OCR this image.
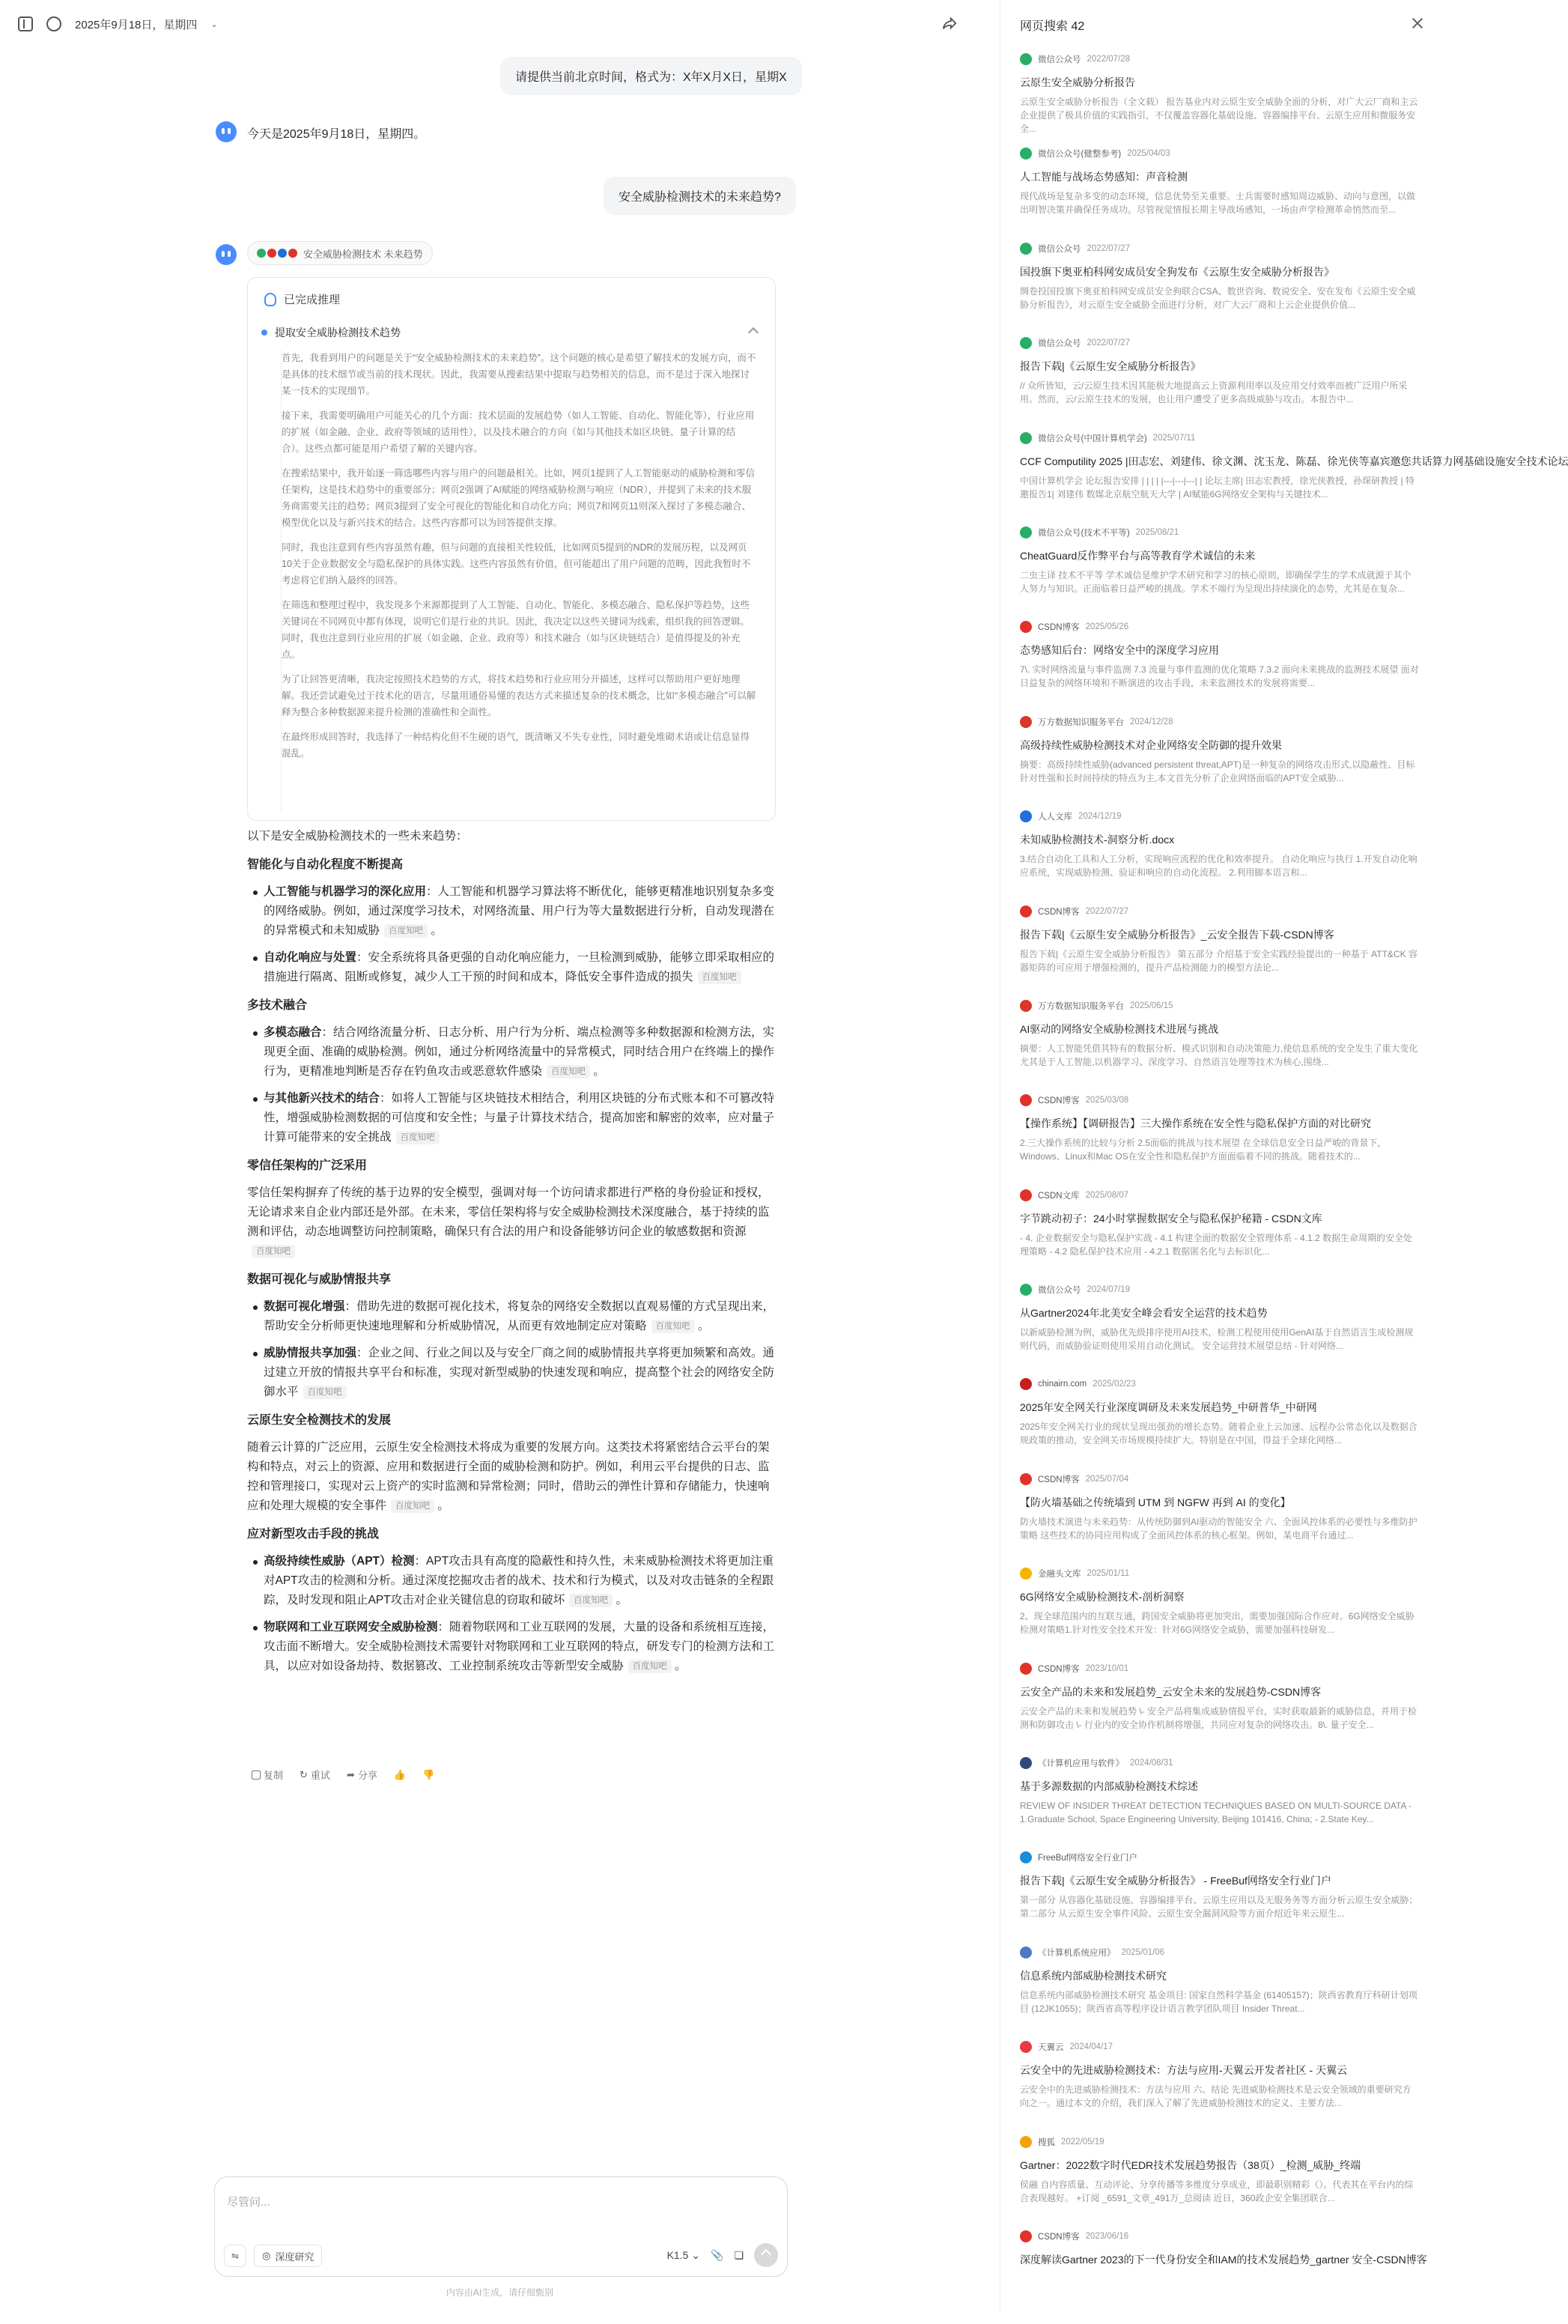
2025年9月18日，星期四 ⌄
请提供当前北京时间，格式为：X年X月X日，星期X
今天是2025年9月18日，星期四。
安全威胁检测技术的未来趋势?
安全威胁检测技术 未来趋势
已完成推理
提取安全威胁检测技术趋势

首先，我看到用户的问题是关于“安全威胁检测技术的未来趋势”。这个问题的核心是希望了解技术的发展方向，而不是具体的技术细节或当前的技术现状。因此，我需要从搜索结果中提取与趋势相关的信息，而不是过于深入地探讨某一技术的实现细节。

接下来，我需要明确用户可能关心的几个方面：技术层面的发展趋势（如人工智能、自动化、智能化等），行业应用的扩展（如金融、企业、政府等领域的适用性），以及技术融合的方向（如与其他技术如区块链、量子计算的结合）。这些点都可能是用户希望了解的关键内容。

在搜索结果中，我开始逐一筛选哪些内容与用户的问题最相关。比如，网页1提到了人工智能驱动的威胁检测和零信任架构，这是技术趋势中的重要部分；网页2强调了AI赋能的网络威胁检测与响应（NDR），并提到了未来的技术服务商需要关注的趋势；网页3提到了安全可视化的智能化和自动化方向；网页7和网页11则深入探讨了多模态融合、模型优化以及与新兴技术的结合。这些内容都可以为回答提供支撑。

同时，我也注意到有些内容虽然有趣，但与问题的直接相关性较低，比如网页5提到的NDR的发展历程，以及网页10关于企业数据安全与隐私保护的具体实践。这些内容虽然有价值，但可能超出了用户问题的范畴，因此我暂时不考虑将它们纳入最终的回答。

在筛选和整理过程中，我发现多个来源都提到了人工智能、自动化、智能化、多模态融合、隐私保护等趋势，这些关键词在不同网页中都有体现，说明它们是行业的共识。因此，我决定以这些关键词为线索，组织我的回答逻辑。同时，我也注意到行业应用的扩展（如金融、企业、政府等）和技术融合（如与区块链结合）是值得提及的补充点。

为了让回答更清晰，我决定按照技术趋势的方式，将技术趋势和行业应用分开描述，这样可以帮助用户更好地理解。我还尝试避免过于技术化的语言，尽量用通俗易懂的表达方式来描述复杂的技术概念，比如“多模态融合”可以解释为整合多种数据源来提升检测的准确性和全面性。

在最终形成回答时，我选择了一种结构化但不生硬的语气，既清晰又不失专业性，同时避免堆砌术语或让信息显得混乱。

以下是安全威胁检测技术的一些未来趋势：

智能化与自动化程度不断提高
人工智能与机器学习的深化应用：人工智能和机器学习算法将不断优化，能够更精准地识别复杂多变的网络威胁。例如，通过深度学习技术，对网络流量、用户行为等大量数据进行分析，自动发现潜在的异常模式和未知威胁 百度知吧 。
自动化响应与处置：安全系统将具备更强的自动化响应能力，一旦检测到威胁，能够立即采取相应的措施进行隔离、阻断或修复，减少人工干预的时间和成本，降低安全事件造成的损失 百度知吧
多技术融合
多模态融合：结合网络流量分析、日志分析、用户行为分析、端点检测等多种数据源和检测方法，实现更全面、准确的威胁检测。例如，通过分析网络流量中的异常模式，同时结合用户在终端上的操作行为，更精准地判断是否存在钓鱼攻击或恶意软件感染 百度知吧 。
与其他新兴技术的结合：如将人工智能与区块链技术相结合，利用区块链的分布式账本和不可篡改特性，增强威胁检测数据的可信度和安全性；与量子计算技术结合，提高加密和解密的效率，应对量子计算可能带来的安全挑战 百度知吧
零信任架构的广泛采用

零信任架构摒弃了传统的基于边界的安全模型，强调对每一个访问请求都进行严格的身份验证和授权，无论请求来自企业内部还是外部。在未来，零信任架构将与安全威胁检测技术深度融合，基于持续的监测和评估，动态地调整访问控制策略，确保只有合法的用户和设备能够访问企业的敏感数据和资源百度知吧

数据可视化与威胁情报共享
数据可视化增强：借助先进的数据可视化技术，将复杂的网络安全数据以直观易懂的方式呈现出来，帮助安全分析师更快速地理解和分析威胁情况，从而更有效地制定应对策略 百度知吧 。
威胁情报共享加强：企业之间、行业之间以及与安全厂商之间的威胁情报共享将更加频繁和高效。通过建立开放的情报共享平台和标准，实现对新型威胁的快速发现和响应，提高整个社会的网络安全防御水平 百度知吧
云原生安全检测技术的发展

随着云计算的广泛应用，云原生安全检测技术将成为重要的发展方向。这类技术将紧密结合云平台的架构和特点，对云上的资源、应用和数据进行全面的威胁检测和防护。例如，利用云平台提供的日志、监控和管理接口，实现对云上资产的实时监测和异常检测；同时，借助云的弹性计算和存储能力，快速响应和处理大规模的安全事件 百度知吧 。

应对新型攻击手段的挑战
高级持续性威胁（APT）检测：APT攻击具有高度的隐蔽性和持久性，未来威胁检测技术将更加注重对APT攻击的检测和分析。通过深度挖掘攻击者的战术、技术和行为模式，以及对攻击链条的全程跟踪，及时发现和阻止APT攻击对企业关键信息的窃取和破坏 百度知吧 。
物联网和工业互联网安全威胁检测：随着物联网和工业互联网的发展，大量的设备和系统相互连接，攻击面不断增大。安全威胁检测技术需要针对物联网和工业互联网的特点，研发专门的检测方法和工具，以应对如设备劫持、数据篡改、工业控制系统攻击等新型安全威胁 百度知吧 。
复制 ↻ 重试 ➦ 分享 👍 👎
尽管问...
⇋	◎ 深度研究	K1.5 ⌄ 📎 ❏
内容由AI生成，请仔细甄别
网页搜索 42
微信公众号 2022/07/28
云原生安全威胁分析报告
云原生安全威胁分析报告（全文载） 报告基业内对云原生安全威胁全面的分析，对广大云厂商和主云企业提供了极具价值的实践指引，不仅覆盖容器化基础设施、容器编排平台、云原生应用和微服务安全...
微信公众号(健整参考) 2025/04/03
人工智能与战场态势感知：声音检测
现代战场是复杂多变的动态环境，信息优势至关重要。士兵需要时感知周边威胁、动向与意图，以做出明智决策并确保任务成功。尽管视觉情报长期主导战场感知，一场由声学检测革命悄然而至...
微信公众号 2022/07/27
国投旗下奥亚柏科网安成员安全狗发布《云原生安全威胁分析报告》
绸卷投国投旗下奥亚柏科网安成员安全狗联合CSA、数世咨询、数说安全、安在发布《云原生安全威胁分析报告》，对云原生安全威胁全面进行分析，对广大云厂商和上云企业提供价值...
微信公众号 2022/07/27
报告下载|《云原生安全威胁分析报告》
// 众所皆知，云/云原生技术因其能极大地提高云上资源利用率以及应用交付效率而被广泛用户所采用。然而，云/云原生技术的发展，也让用户遭受了更多高级威胁与攻击。本报告中...
微信公众号(中国计算机学会) 2025/07/11
CCF Computility 2025 |田志宏、刘建伟、徐文渊、沈玉龙、陈磊、徐光侠等嘉宾邀您共话算力网基础设施安全技术论坛
中国计算机学会 论坛报告安排 | | | | |---|---|---| | 论坛主席| 田志宏教授，徐光侠教授，孙琛研教授 | 特邀报告1| 刘建伟 数媒北京航空航天大学 | AI赋能6G网络安全架构与关键技术...
微信公众号(技术不平等) 2025/08/21
CheatGuard反作弊平台与高等教育学术诚信的未来
二虫主译 技术不平等 学术诚信是维护学术研究和学习的核心原则，即确保学生的学术成就源于其个人努力与知识。正面临着日益严峻的挑战。学术不端行为呈现出持续演化的态势，尤其是在复杂...
CSDN博客 2025/05/26
态势感知后台：网络安全中的深度学习应用
7\. 实时网络流量与事件监测 7.3 流量与事件监测的优化策略 7.3.2 面向未来挑战的监测技术展望 面对日益复杂的网络环境和不断演进的攻击手段，未来监测技术的发展将需要...
万方数据知识服务平台 2024/12/28
高级持续性威胁检测技术对企业网络安全防御的提升效果
摘要：高级持续性威胁(advanced persistent threat,APT)是一种复杂的网络攻击形式,以隐蔽性、目标针对性强和长时间持续的特点为主,本文首先分析了企业网络面临的APT安全威胁...
人人文库 2024/12/19
未知威胁检测技术-洞察分析.docx
3.结合自动化工具和人工分析，实现响应流程的优化和效率提升。 自动化响应与执行 1.开发自动化响应系统，实现威胁检测、验证和响应的自动化流程。 2.利用脚本语言和...
CSDN博客 2022/07/27
报告下载|《云原生安全威胁分析报告》_云安全报告下载-CSDN博客
报告下载|《云原生安全威胁分析报告》 第五部分 介绍基于安全实践经验提出的一种基于 ATT&CK 容器矩阵的可应用于增强检测的，提升产品检测能力的模型方法论...
万方数据知识服务平台 2025/06/15
AI驱动的网络安全威胁检测技术进展与挑战
摘要：人工智能凭借其特有的数据分析、模式识别和自动决策能力,使信息系统的安全发生了重大变化尤其是于人工智能,以机器学习、深度学习、自然语言处理等技术为核心,围绕...
CSDN博客 2025/03/08
【操作系统】【调研报告】三大操作系统在安全性与隐私保护方面的对比研究
2.三大操作系统的比较与分析 2.5面临的挑战与技术展望 在全球信息安全日益严峻的背景下，Windows、Linux和Mac OS在安全性和隐私保护方面面临着不同的挑战。随着技术的...
CSDN文库 2025/08/07
字节跳动初子：24小时掌握数据安全与隐私保护秘籍 - CSDN文库
- 4. 企业数据安全与隐私保护实战 - 4.1 构建全面的数据安全管理体系 - 4.1.2 数据生命周期的安全处理策略 - 4.2 隐私保护技术应用 - 4.2.1 数据匿名化与去标识化...
微信公众号 2024/07/19
从Gartner2024年北美安全峰会看安全运营的技术趋势
以新威胁检测为例，威胁优先级排序使用AI技术，检测工程使用使用GenAI基于自然语言生成检测规则代码，而威胁验证则使用采用自动化测试。 安全运营技术展望总结 - 针对网络...
chinairn.com 2025/02/23
2025年安全网关行业深度调研及未来发展趋势_中研普华_中研网
2025年安全网关行业的现状呈现出强劲的增长态势。随着企业上云加速、远程办公常态化以及数据合规政策的推动，安全网关市场规模持续扩大。特别是在中国，得益于全球化网络...
CSDN博客 2025/07/04
【防火墙基础之传统墙到 UTM 到 NGFW 再到 AI 的变化】
防火墙技术演进与未来趋势：从传统防御到AI驱动的智能安全 六、全面风控体系的必要性与多维防护策略 这些技术的协同应用构成了全面风控体系的核心框架。例如，某电商平台通过...
金融头文库 2025/01/11
6G网络安全威胁检测技术-剖析洞察
2、现全球范围内的互联互通，跨国安全威胁将更加突出，需要加强国际合作应对。6G网络安全威胁检测对策略1.针对性安全技术开发：针对6G网络安全威胁，需要加强科技研发...
CSDN博客 2023/10/01
云安全产品的未来和发展趋势_云安全未来的发展趋势-CSDN博客
云安全产品的未来和发展趋势 \- 安全产品将集成威胁情报平台，实时获取最新的威胁信息，并用于检测和防御攻击 \- 行业内的安全协作机制将增强，共同应对复杂的网络攻击。8\. 量子安全...
《计算机应用与软件》 2024/08/31
基于多源数据的内部威胁检测技术综述
REVIEW OF INSIDER THREAT DETECTION TECHNIQUES BASED ON MULTI-SOURCE DATA - 1.Graduate School, Space Engineering University, Beijing 101416, China; - 2.State Key...
FreeBuf网络安全行业门户
报告下载|《云原生安全威胁分析报告》 - FreeBuf网络安全行业门户
第一部分 从容器化基础设施、容器编排平台、云原生应用以及无服务务等方面分析云原生安全威胁；第二部分 从云原生安全事件风险、云原生安全漏洞风险等方面介绍近年来云原生...
《计算机系统应用》 2025/01/06
信息系统内部威胁检测技术研究
信息系统内部威胁检测技术研究 基金项目: 国家自然科学基金 (61405157)；陕西省教育厅科研计划项目 (12JK1055)；陕西省高等程序设计语言教学团队项目 Insider Threat...
天翼云 2024/04/17
云安全中的先进威胁检测技术：方法与应用-天翼云开发者社区 - 天翼云
云安全中的先进威胁检测技术：方法与应用 六、结论 先进威胁检测技术是云安全领域的重要研究方向之一。通过本文的介绍，我们深入了解了先进威胁检测技术的定义、主要方法...
搜狐 2022/05/19
Gartner：2022数字时代EDR技术发展趋势报告（38页）_检测_威胁_终端
侯融 自内容质量、互动评论、分享传播等多维度分享成业，即最职别精彩（）。代表其在平台内的综合表现越好。 +订阅 _6591_文章_491万_总阅读 近日，360政企安全集团联合...
CSDN博客 2023/06/16
深度解读Gartner 2023的下一代身份安全和IAM的技术发展趋势_gartner 安全-CSDN博客
